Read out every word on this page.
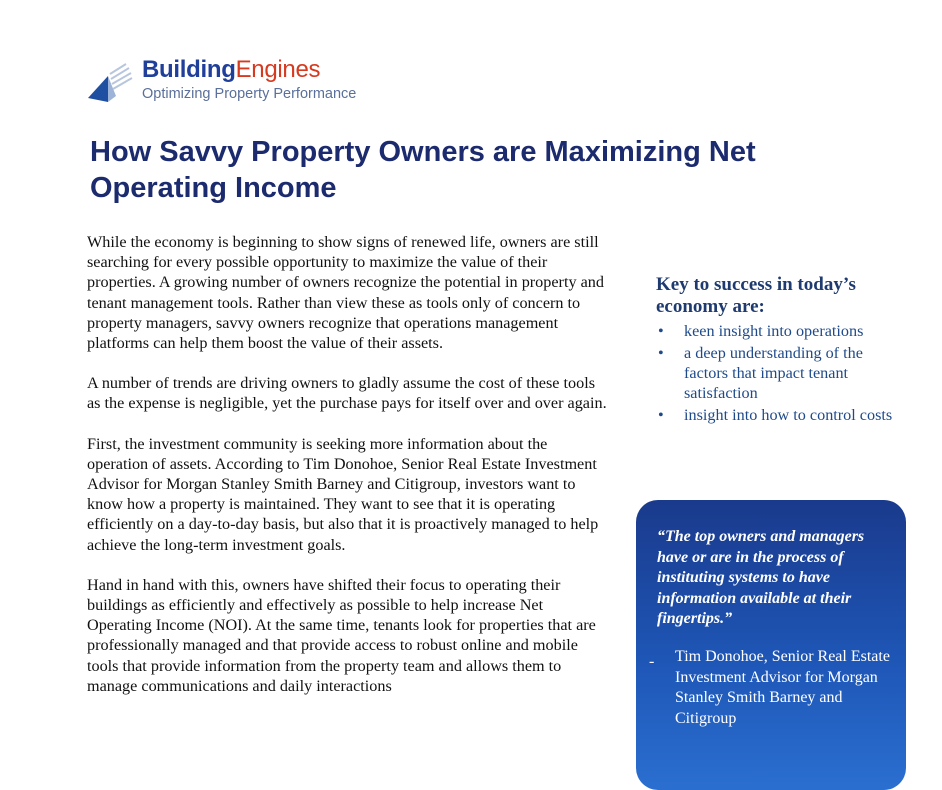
BuildingEngines
Optimizing Property Performance
How Savvy Property Owners are Maximizing Net Operating Income

While the economy is beginning to show signs of renewed life, owners are still searching for every possible opportunity to maximize the value of their properties. A growing number of owners recognize the potential in property and tenant management tools. Rather than view these as tools only of concern to property managers, savvy owners recognize that operations management platforms can help them boost the value of their assets.

A number of trends are driving owners to gladly assume the cost of these tools as the expense is negligible, yet the purchase pays for itself over and over again.

First, the investment community is seeking more information about the operation of assets. According to Tim Donohoe, Senior Real Estate Investment Advisor for Morgan Stanley Smith Barney and Citigroup, investors want to know how a property is maintained. They want to see that it is operating efficiently on a day-to-day basis, but also that it is proactively managed to help achieve the long-term investment goals.

Hand in hand with this, owners have shifted their focus to operating their buildings as efficiently and effectively as possible to help increase Net Operating Income (NOI). At the same time, tenants look for properties that are professionally managed and that provide access to robust online and mobile tools that provide information from the property team and allows them to manage communications and daily interactions

Key to success in today’s economy are:
• keen insight into operations
• a deep understanding of the factors that impact tenant satisfaction
• insight into how to control costs

“The top owners and managers have or are in the process of instituting systems to have information available at their fingertips.”

- Tim Donohoe, Senior Real Estate Investment Advisor for Morgan Stanley Smith Barney and Citigroup
